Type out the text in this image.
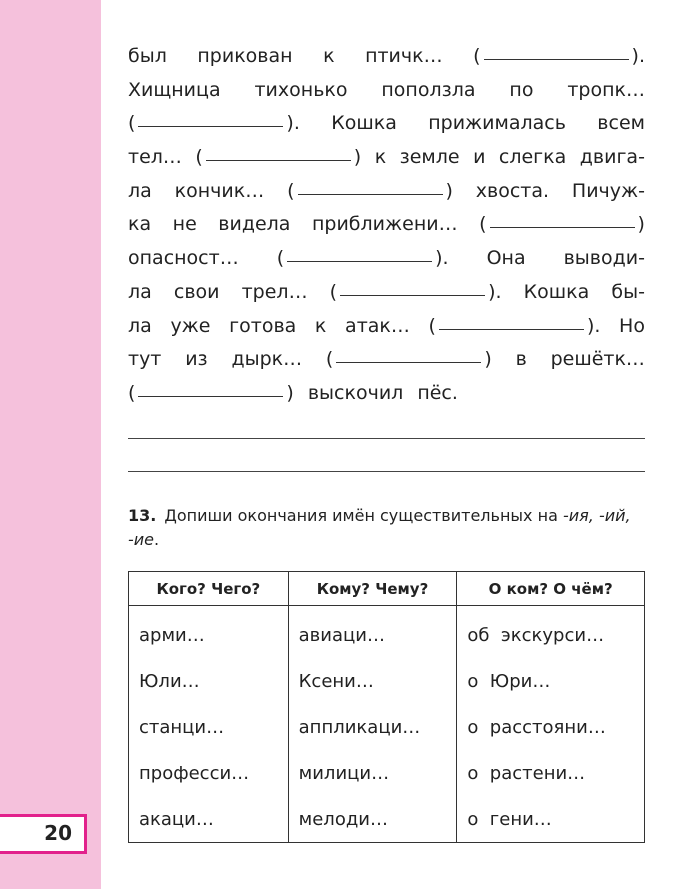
20
был прикован к птичк… (	).
Хищница тихонько поползла по тропк…
(	). Кошка прижималась всем
тел… (	) к земле и слегка двига-
ла кончик… (	) хвоста. Пичуж-
ка не видела приближени… (	)
опасност… (	). Она выводи-
ла свои трел… (	). Кошка бы-
ла уже готова к атак… (	). Но
тут из дырк… (	) в решётк…
(	) выскочил пёс.
13. Допиши окончания имён существительных на -ия, -ий, -ие.
Кого? Чего?	Кому? Чему?	О ком? О чём?
арми…	авиаци…	об  экскурси…
Юли…	Ксени…	о  Юри…
станци…	аппликаци…	о  расстояни…
професси…	милици…	о  растени…
акаци…	мелоди…	о  гени…
